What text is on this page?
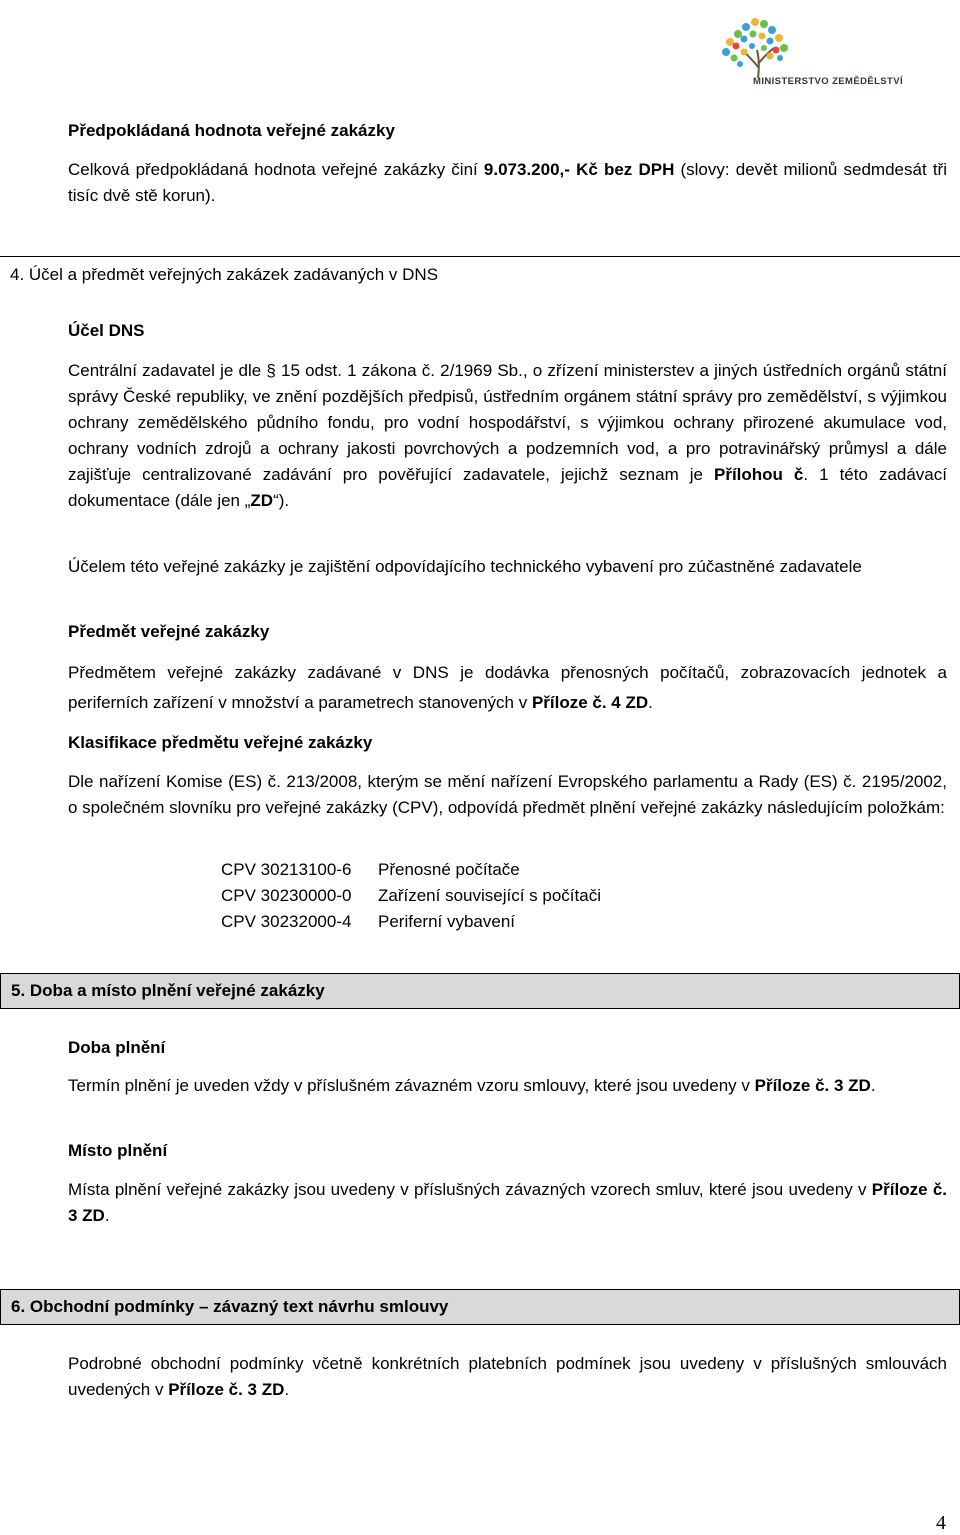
MINISTERSTVO ZEMĚDĚLSTVÍ
Předpokládaná hodnota veřejné zakázky
Celková předpokládaná hodnota veřejné zakázky činí 9.073.200,- Kč bez DPH (slovy: devět milionů sedmdesát tři tisíc dvě stě korun).
4. Účel a předmět veřejných zakázek zadávaných v DNS
Účel DNS
Centrální zadavatel je dle § 15 odst. 1 zákona č. 2/1969 Sb., o zřízení ministerstev a jiných ústředních orgánů státní správy České republiky, ve znění pozdějších předpisů, ústředním orgánem státní správy pro zemědělství, s výjimkou ochrany zemědělského půdního fondu, pro vodní hospodářství, s výjimkou ochrany přirozené akumulace vod, ochrany vodních zdrojů a ochrany jakosti povrchových a podzemních vod, a pro potravinářský průmysl a dále zajišťuje centralizované zadávání pro pověřující zadavatele, jejichž seznam je Přílohou č. 1 této zadávací dokumentace (dále jen „ZD“).
Účelem této veřejné zakázky je zajištění odpovídajícího technického vybavení pro zúčastněné zadavatele
Předmět veřejné zakázky
Předmětem veřejné zakázky zadávané v DNS je dodávka přenosných počítačů, zobrazovacích jednotek a periferních zařízení v množství a parametrech stanovených v Příloze č. 4 ZD.
Klasifikace předmětu veřejné zakázky
Dle nařízení Komise (ES) č. 213/2008, kterým se mění nařízení Evropského parlamentu a Rady (ES) č. 2195/2002, o společném slovníku pro veřejné zakázky (CPV), odpovídá předmět plnění veřejné zakázky následujícím položkám:
CPV 30213100-6 Přenosné počítače
CPV 30230000-0 Zařízení související s počítači
CPV 30232000-4 Periferní vybavení
5. Doba a místo plnění veřejné zakázky
Doba plnění
Termín plnění je uveden vždy v příslušném závazném vzoru smlouvy, které jsou uvedeny v Příloze č. 3 ZD.
Místo plnění
Místa plnění veřejné zakázky jsou uvedeny v příslušných závazných vzorech smluv, které jsou uvedeny v Příloze č. 3 ZD.
6. Obchodní podmínky – závazný text návrhu smlouvy
Podrobné obchodní podmínky včetně konkrétních platebních podmínek jsou uvedeny v příslušných smlouvách uvedených v Příloze č. 3 ZD.
4
